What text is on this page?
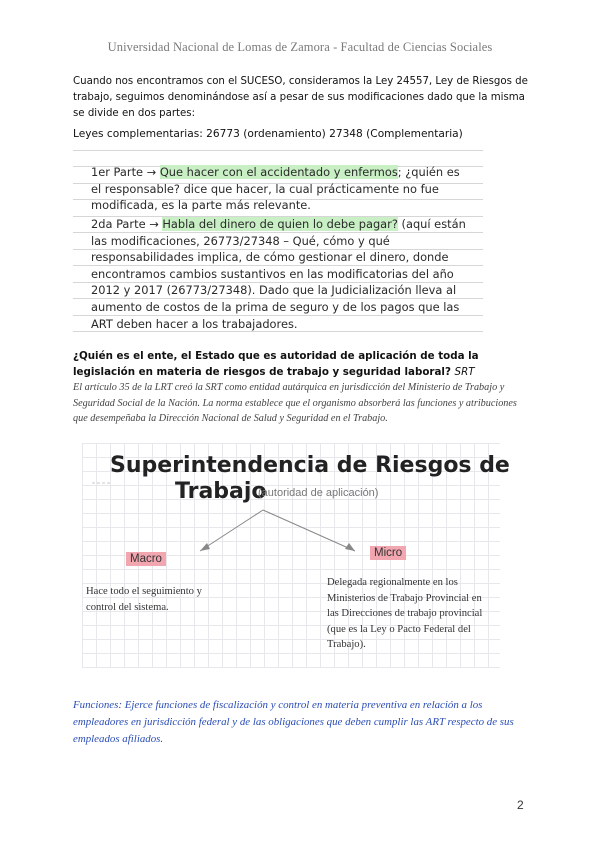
Universidad Nacional de Lomas de Zamora - Facultad de Ciencias Sociales
Cuando nos encontramos con el SUCESO, consideramos la Ley 24557, Ley de Riesgos de trabajo, seguimos denominándose así a pesar de sus modificaciones dado que la misma se divide en dos partes:
Leyes complementarias: 26773 (ordenamiento) 27348 (Complementaria)
1er Parte → Que hacer con el accidentado y enfermos; ¿quién es el responsable? dice que hacer, la cual prácticamente no fue modificada, es la parte más relevante.
2da Parte → Habla del dinero de quien lo debe pagar? (aquí están las modificaciones, 26773/27348 – Qué, cómo y qué responsabilidades implica, de cómo gestionar el dinero, donde encontramos cambios sustantivos en las modificatorias del año 2012 y 2017 (26773/27348). Dado que la Judicialización lleva al aumento de costos de la prima de seguro y de los pagos que las ART deben hacer a los trabajadores.
¿Quién es el ente, el Estado que es autoridad de aplicación de toda la legislación en materia de riesgos de trabajo y seguridad laboral? SRT
El artículo 35 de la LRT creó la SRT como entidad autárquica en jurisdicción del Ministerio de Trabajo y Seguridad Social de la Nación. La norma establece que el organismo absorberá las funciones y atribuciones que desempeñaba la Dirección Nacional de Salud y Seguridad en el Trabajo.
Superintendencia de Riesgos de
Trabajo
(autoridad de aplicación)
Macro	Micro
Hace todo el seguimiento y control del sistema.
Delegada regionalmente en los Ministerios de Trabajo Provincial en las Direcciones de trabajo provincial (que es la Ley o Pacto Federal del Trabajo).
Funciones: Ejerce funciones de fiscalización y control en materia preventiva en relación a los empleadores en jurisdicción federal y de las obligaciones que deben cumplir las ART respecto de sus empleados afiliados.
2
